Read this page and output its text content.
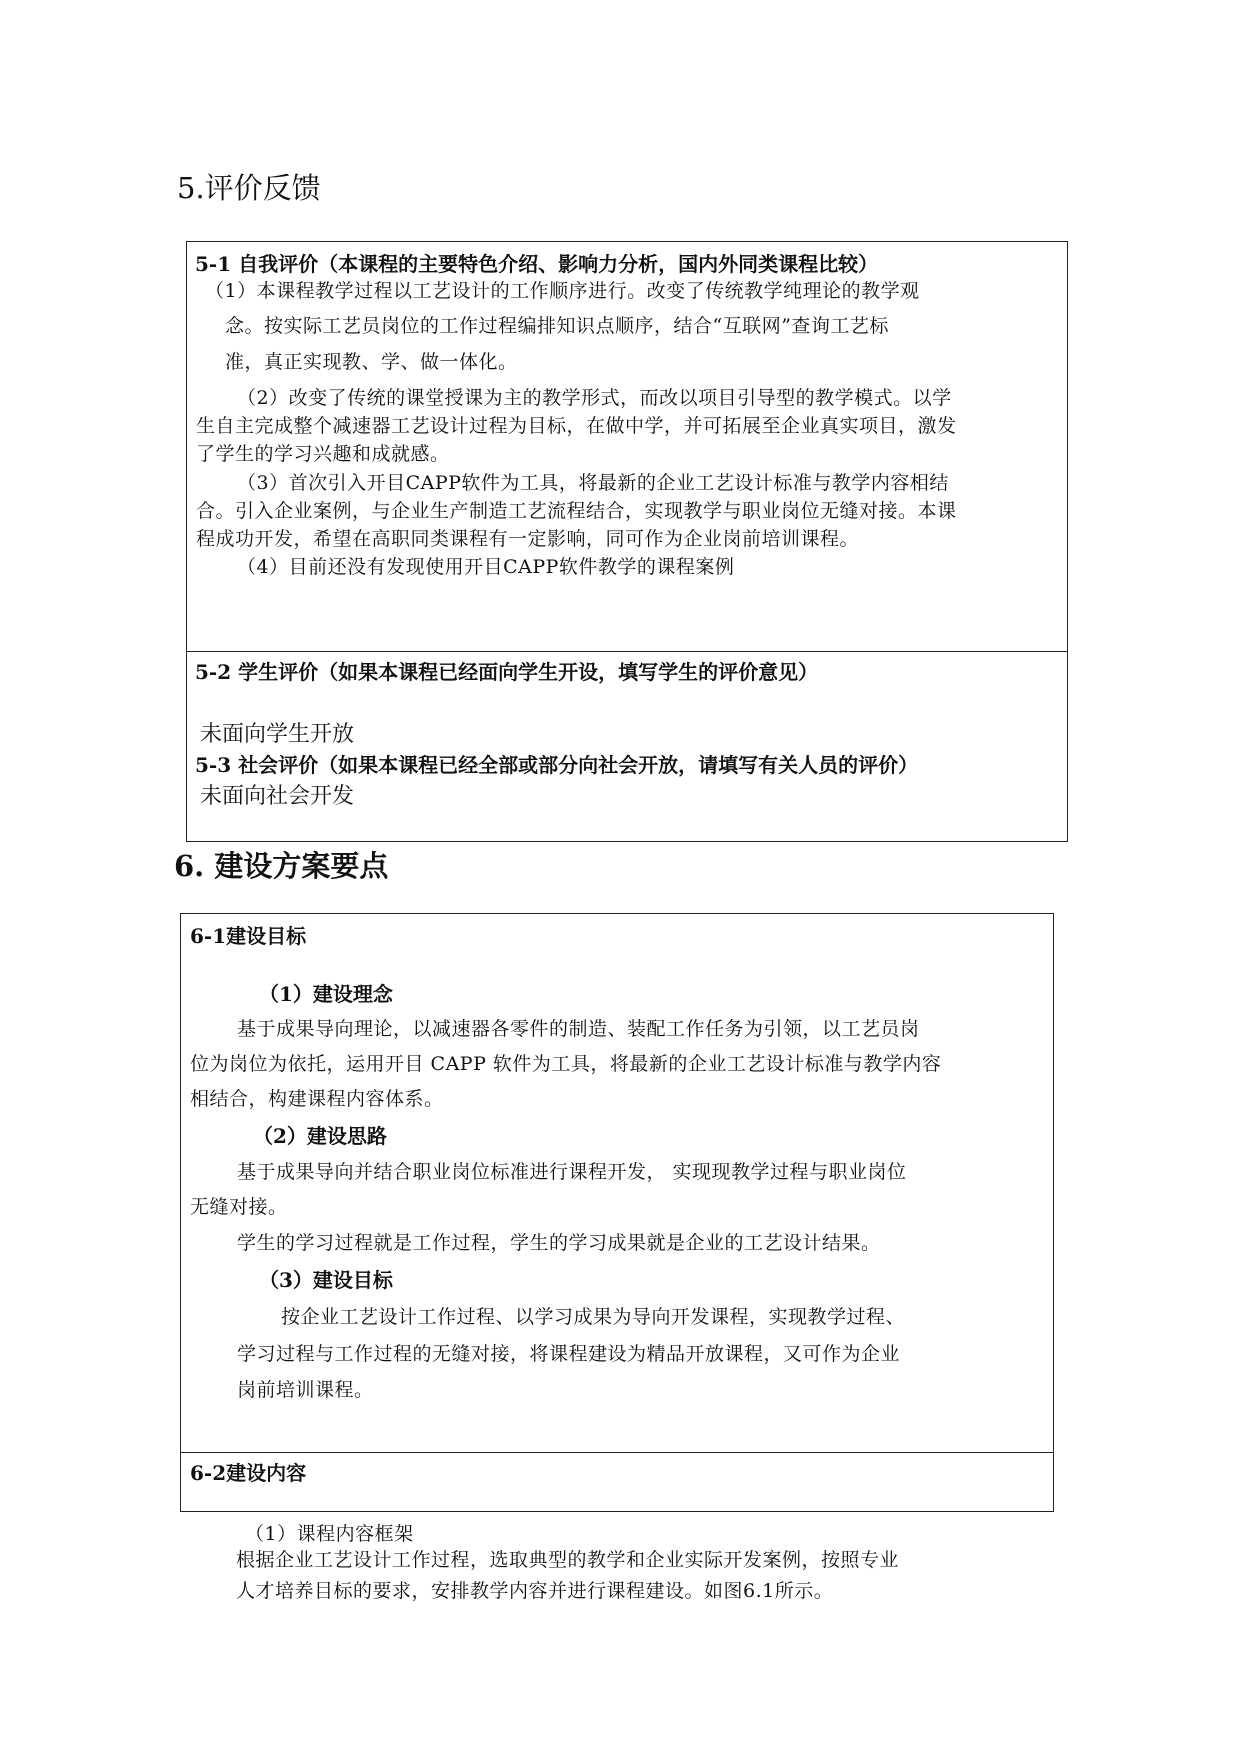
5.评价反馈

5-1 自我评价（本课程的主要特色介绍、影响力分析，国内外同类课程比较）

（1）本课程教学过程以工艺设计的工作顺序进行。改变了传统教学纯理论的教学观

念。按实际工艺员岗位的工作过程编排知识点顺序，结合“互联网”查询工艺标

准，真正实现教、学、做一体化。

（2）改变了传统的课堂授课为主的教学形式，而改以项目引导型的教学模式。以学

生自主完成整个减速器工艺设计过程为目标，在做中学，并可拓展至企业真实项目，激发

了学生的学习兴趣和成就感。

（3）首次引入开目CAPP软件为工具，将最新的企业工艺设计标准与教学内容相结

合。引入企业案例，与企业生产制造工艺流程结合，实现教学与职业岗位无缝对接。本课

程成功开发，希望在高职同类课程有一定影响，同可作为企业岗前培训课程。

（4）目前还没有发现使用开目CAPP软件教学的课程案例

5-2 学生评价（如果本课程已经面向学生开设，填写学生的评价意见）

未面向学生开放

5-3 社会评价（如果本课程已经全部或部分向社会开放，请填写有关人员的评价）

未面向社会开发

6. 建设方案要点

6-1建设目标

（1）建设理念

基于成果导向理论，以减速器各零件的制造、装配工作任务为引领，以工艺员岗

位为岗位为依托，运用开目 CAPP 软件为工具，将最新的企业工艺设计标准与教学内容

相结合，构建课程内容体系。

（2）建设思路

基于成果导向并结合职业岗位标准进行课程开发， 实现现教学过程与职业岗位

无缝对接。

学生的学习过程就是工作过程，学生的学习成果就是企业的工艺设计结果。

（3）建设目标

按企业工艺设计工作过程、以学习成果为导向开发课程，实现教学过程、

学习过程与工作过程的无缝对接，将课程建设为精品开放课程，又可作为企业

岗前培训课程。

6-2建设内容

（1）课程内容框架

根据企业工艺设计工作过程，选取典型的教学和企业实际开发案例，按照专业

人才培养目标的要求，安排教学内容并进行课程建设。如图6.1所示。
